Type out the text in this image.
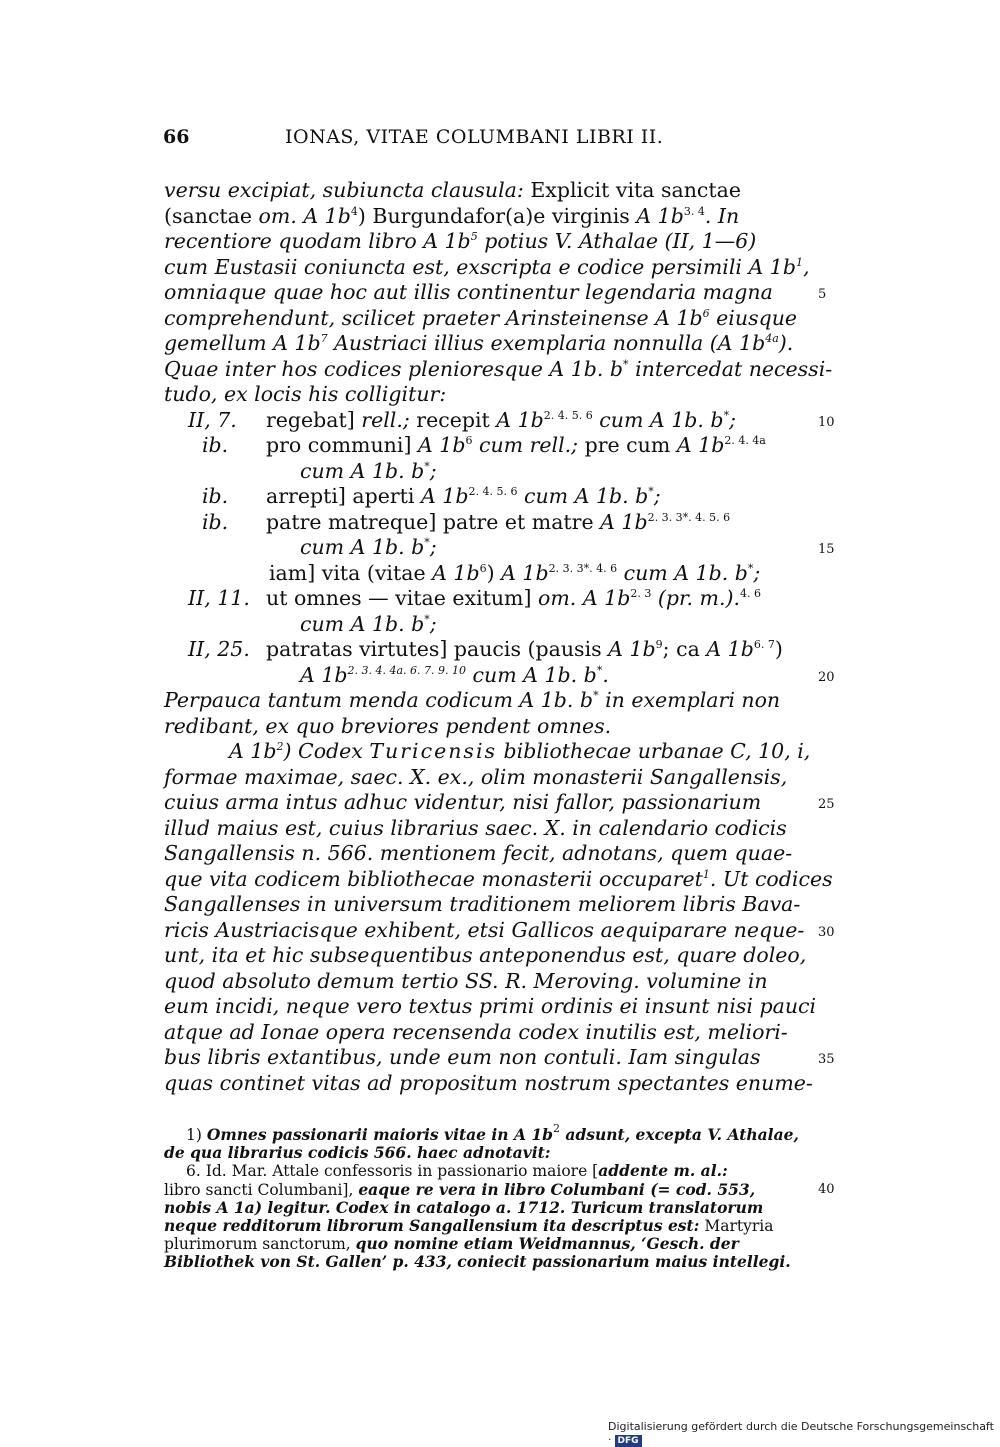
66	IONAS, VITAE COLUMBANI LIBRI II.
versu excipiat, subiuncta clausula: Explicit vita sanctae
(sanctae om. A $1b^4$) Burgundafor(a)e virginis A $1b^{3. 4}$. In
recentiore quodam libro A $1b^5$ potius V. Athalae (II, 1—6)
cum Eustasii coniuncta est, exscripta e codice persimili A $1b^1$,
omniaque quae hoc aut illis continentur legendaria magna	5
comprehendunt, scilicet praeter Arinsteinense A $1b^6$ eiusque
gemellum A $1b^7$ Austriaci illius exemplaria nonnulla (A $1b^{4a}$).
Quae inter hos codices plenioresque A 1b. b* intercedat necessi-
tudo, ex locis his colligitur:
II, 7. regebat] rell.; recepit A $1b^{2. 4. 5. 6}$ cum A 1b. b*;	10
ib. pro communi] A $1b^6$ cum rell.; pre cum A $1b^{2. 4. 4a}$
cum A 1b. b*;
ib. arrepti] aperti A $1b^{2. 4. 5. 6}$ cum A 1b. b*;
ib. patre matreque] patre et matre A $1b^{2. 3. 3*. 4. 5. 6}$
cum A 1b. b*;	15
iam] vita (vitae A $1b^6$) A $1b^{2. 3. 3*. 4. 6}$ cum A 1b. b*;
II, 11. ut omnes — vitae exitum] om. A $1b^{2. 3}$ (pr. m.).$^{4. 6}$
cum A 1b. b*;
II, 25. patratas virtutes] paucis (pausis A $1b^9$; ca A $1b^{6. 7}$)
A $1b^{2. 3. 4. 4a. 6. 7. 9. 10}$ cum A 1b. b*.	20
Perpauca tantum menda codicum A 1b. b* in exemplari non
redibant, ex quo breviores pendent omnes.
A $1b^2$) Codex Turicensis bibliothecae urbanae C, 10, i,
formae maximae, saec. X. ex., olim monasterii Sangallensis,
cuius arma intus adhuc videntur, nisi fallor, passionarium	25
illud maius est, cuius librarius saec. X. in calendario codicis
Sangallensis n. 566. mentionem fecit, adnotans, quem quae-
que vita codicem bibliothecae monasterii occuparet$^1$. Ut codices
Sangallenses in universum traditionem meliorem libris Bava-
ricis Austriacisque exhibent, etsi Gallicos aequiparare neque- 30
unt, ita et hic subsequentibus anteponendus est, quare doleo,
quod absoluto demum tertio SS. R. Meroving. volumine in
eum incidi, neque vero textus primi ordinis ei insunt nisi pauci
atque ad Ionae opera recensenda codex inutilis est, meliori-
bus libris extantibus, unde eum non contuli. Iam singulas	35
quas continet vitas ad propositum nostrum spectantes enume-
1) Omnes passionarii maioris vitae in A $1b^2$ adsunt, excepta V. Athalae,
de qua librarius codicis 566. haec adnotavit:
6. Id. Mar. Attale confessoris in passionario maiore [addente m. al.:
libro sancti Columbani], eaque re vera in libro Columbani (= cod. 553,	40
nobis A 1a) legitur. Codex in catalogo a. 1712. Turicum translatorum
neque redditorum librorum Sangallensium ita descriptus est: Martyria
plurimorum sanctorum, quo nomine etiam Weidmannus, ‘Gesch. der
Bibliothek von St. Gallen’ p. 433, coniecit passionarium maius intellegi.
Digitalisierung gefördert durch die Deutsche Forschungsgemeinschaft · DFG
